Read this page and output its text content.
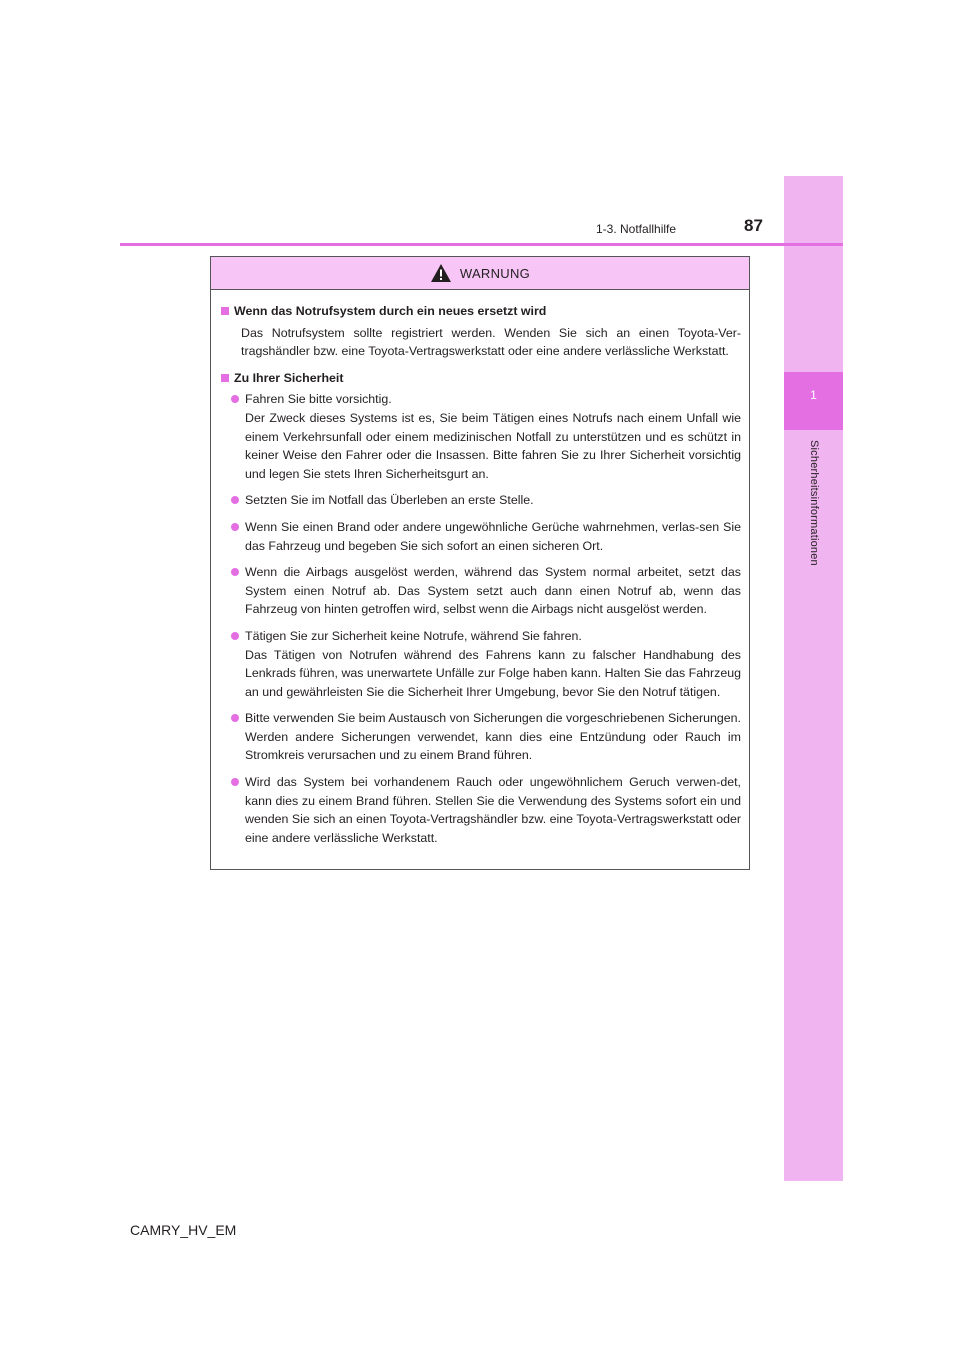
1
Sicherheitsinformationen
1-3. Notfallhilfe	87
WARNUNG
Wenn das Notrufsystem durch ein neues ersetzt wird
Das Notrufsystem sollte registriert werden. Wenden Sie sich an einen Toyota-Ver-tragshändler bzw. eine Toyota-Vertragswerkstatt oder eine andere verlässliche Werkstatt.
Zu Ihrer Sicherheit
Fahren Sie bitte vorsichtig.
Der Zweck dieses Systems ist es, Sie beim Tätigen eines Notrufs nach einem Unfall wie einem Verkehrsunfall oder einem medizinischen Notfall zu unterstützen und es schützt in keiner Weise den Fahrer oder die Insassen. Bitte fahren Sie zu Ihrer Sicherheit vorsichtig und legen Sie stets Ihren Sicherheitsgurt an.
Setzten Sie im Notfall das Überleben an erste Stelle.
Wenn Sie einen Brand oder andere ungewöhnliche Gerüche wahrnehmen, verlas-sen Sie das Fahrzeug und begeben Sie sich sofort an einen sicheren Ort.
Wenn die Airbags ausgelöst werden, während das System normal arbeitet, setzt das System einen Notruf ab. Das System setzt auch dann einen Notruf ab, wenn das Fahrzeug von hinten getroffen wird, selbst wenn die Airbags nicht ausgelöst werden.
Tätigen Sie zur Sicherheit keine Notrufe, während Sie fahren.
Das Tätigen von Notrufen während des Fahrens kann zu falscher Handhabung des Lenkrads führen, was unerwartete Unfälle zur Folge haben kann. Halten Sie das Fahrzeug an und gewährleisten Sie die Sicherheit Ihrer Umgebung, bevor Sie den Notruf tätigen.
Bitte verwenden Sie beim Austausch von Sicherungen die vorgeschriebenen Sicherungen. Werden andere Sicherungen verwendet, kann dies eine Entzündung oder Rauch im Stromkreis verursachen und zu einem Brand führen.
Wird das System bei vorhandenem Rauch oder ungewöhnlichem Geruch verwen-det, kann dies zu einem Brand führen. Stellen Sie die Verwendung des Systems sofort ein und wenden Sie sich an einen Toyota-Vertragshändler bzw. eine Toyota-Vertragswerkstatt oder eine andere verlässliche Werkstatt.
CAMRY_HV_EM
